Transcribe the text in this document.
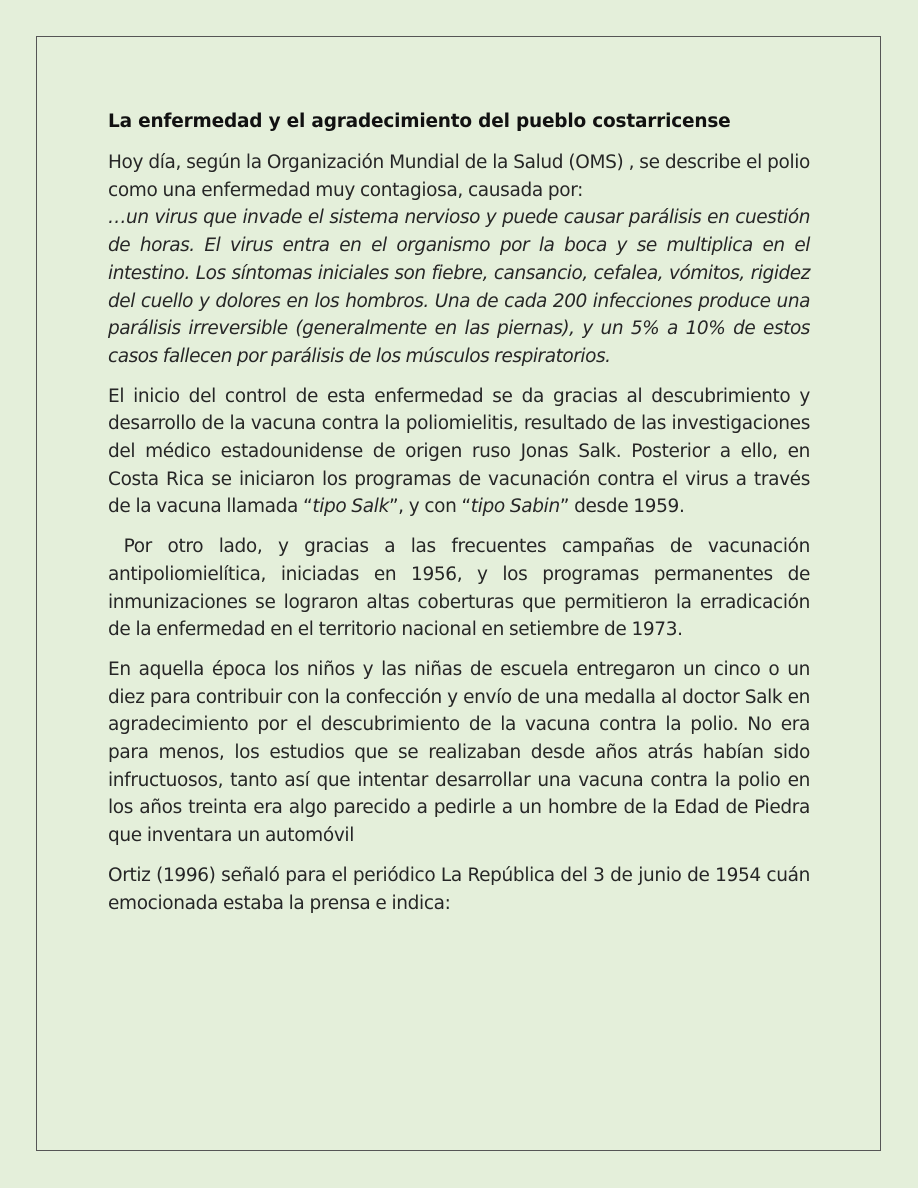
La enfermedad y el agradecimiento del pueblo costarricense

Hoy día, según la Organización Mundial de la Salud (OMS) , se describe el polio como una enfermedad muy contagiosa, causada por:

…un virus que invade el sistema nervioso y puede causar parálisis en cuestión de horas. El virus entra en el organismo por la boca y se multiplica en el intestino. Los síntomas iniciales son fiebre, cansancio, cefalea, vómitos, rigidez del cuello y dolores en los hombros. Una de cada 200 infecciones produce una parálisis irreversible (generalmente en las piernas), y un 5% a 10% de estos casos fallecen por parálisis de los músculos respiratorios.

El inicio del control de esta enfermedad se da gracias al descubrimiento y desarrollo de la vacuna contra la poliomielitis, resultado de las investigaciones del médico estadounidense de origen ruso Jonas Salk. Posterior a ello, en Costa Rica se iniciaron los programas de vacunación contra el virus a través de la vacuna llamada “tipo Salk”, y con “tipo Sabin” desde 1959.

Por otro lado, y gracias a las frecuentes campañas de vacunación antipoliomielítica, iniciadas en 1956, y los programas permanentes de inmunizaciones se lograron altas coberturas que permitieron la erradicación de la enfermedad en el territorio nacional en setiembre de 1973.

En aquella época los niños y las niñas de escuela entregaron un cinco o un diez para contribuir con la confección y envío de una medalla al doctor Salk en agradecimiento por el descubrimiento de la vacuna contra la polio. No era para menos, los estudios que se realizaban desde años atrás habían sido infructuosos, tanto así que intentar desarrollar una vacuna contra la polio en los años treinta era algo parecido a pedirle a un hombre de la Edad de Piedra que inventara un automóvil

Ortiz (1996) señaló para el periódico La República del 3 de junio de 1954 cuán emocionada estaba la prensa e indica:
